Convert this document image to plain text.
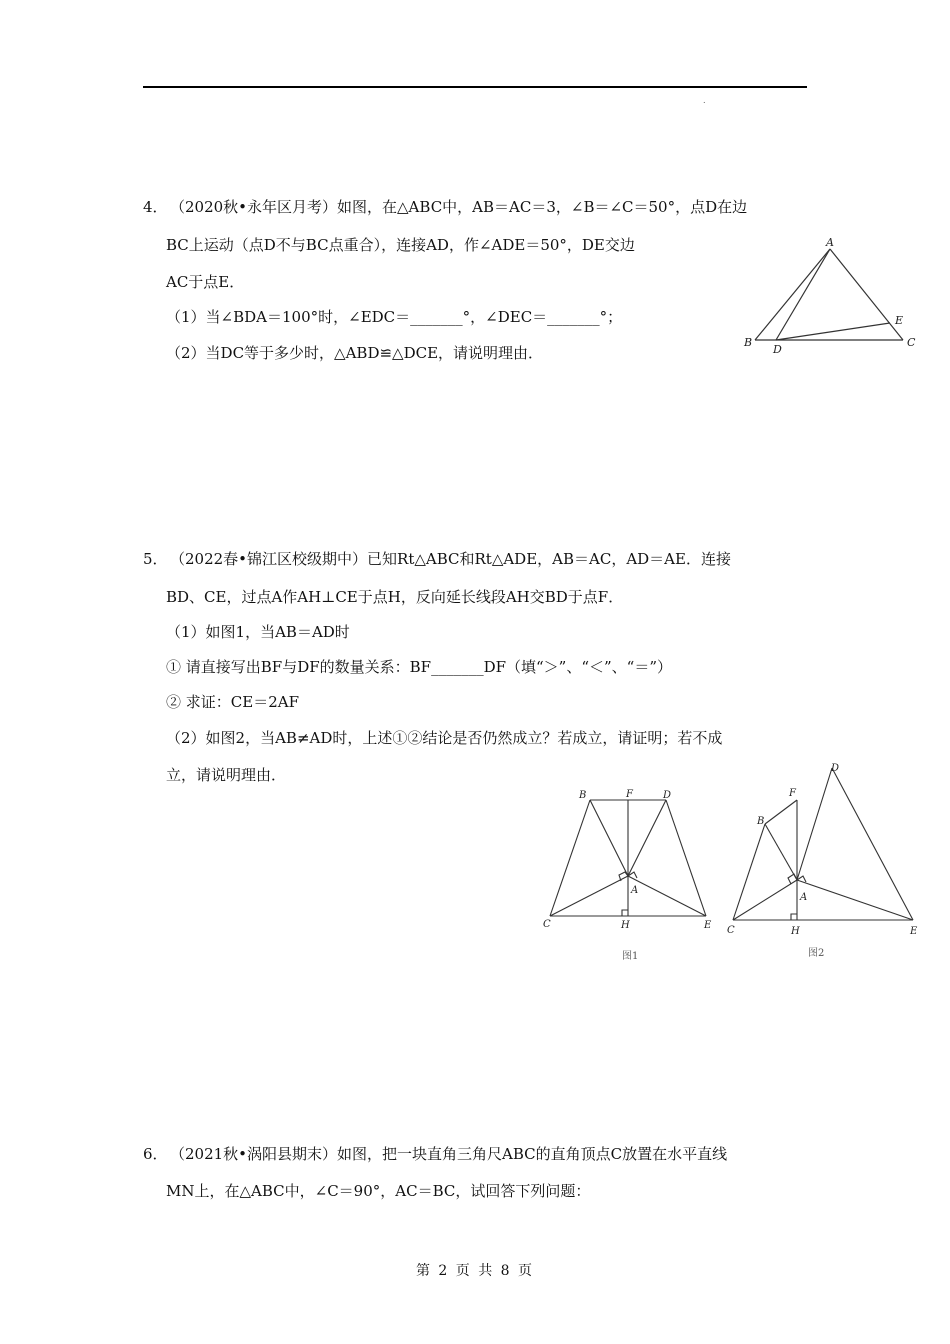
.
4． （2020秋•永年区月考）如图，在△ABC中，AB＝AC＝3，∠B＝∠C＝50°，点D在边
BC上运动（点D不与BC点重合），连接AD，作∠ADE＝50°，DE交边
AC于点E．
（1）当∠BDA＝100°时，∠EDC＝_______°，∠DEC＝_______°；
（2）当DC等于多少时，△ABD≌△DCE，请说明理由．
A
B	C
D
E
5． （2022春•锦江区校级期中）已知Rt△ABC和Rt△ADE，AB＝AC，AD＝AE．连接
BD、CE，过点A作AH⊥CE于点H，反向延长线段AH交BD于点F．
（1）如图1，当AB＝AD时
① 请直接写出BF与DF的数量关系：BF_______DF（填“＞”、“＜”、“＝”）
② 求证：CE＝2AF
（2）如图2，当AB≠AD时，上述①②结论是否仍然成立？若成立，请证明；若不成
立，请说明理由．
B	F	D
A
C	H	E
图1
D
F
B
A
C	H	E
图2
6． （2021秋•涡阳县期末）如图，把一块直角三角尺ABC的直角顶点C放置在水平直线
MN上，在△ABC中，∠C＝90°，AC＝BC，试回答下列问题：
第 2 页 共 8 页
